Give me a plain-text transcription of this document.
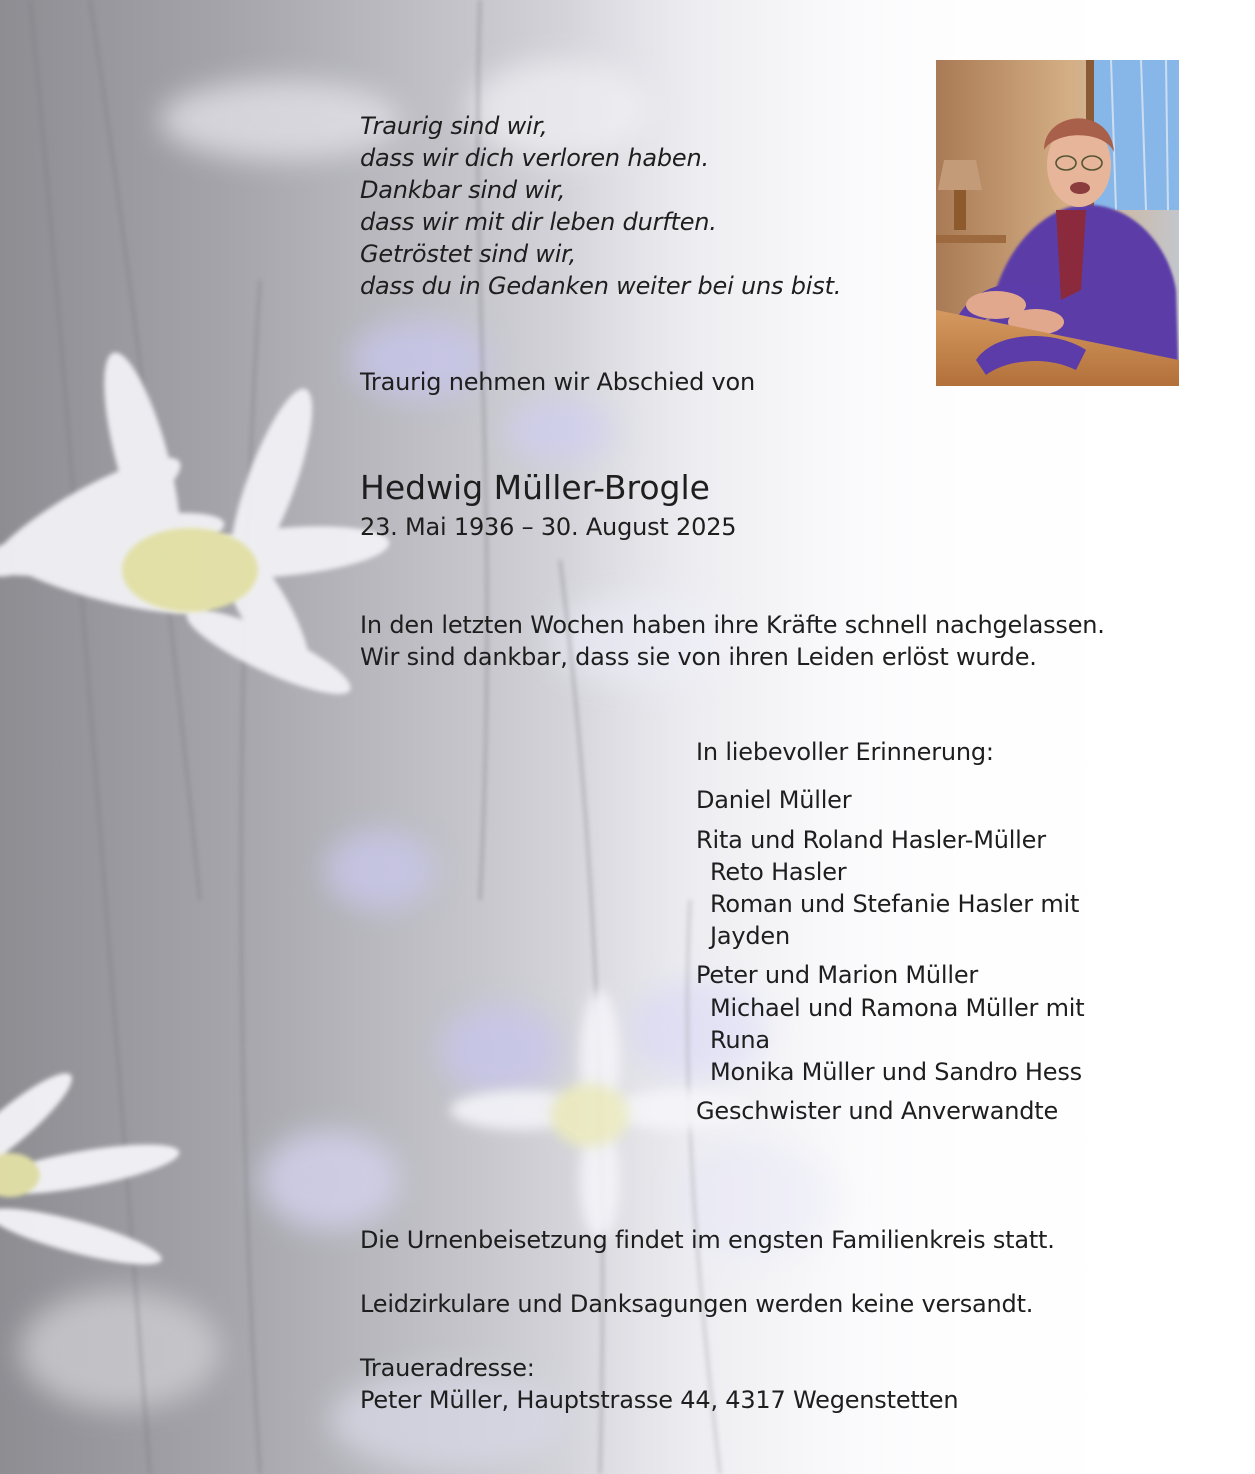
Traurig sind wir,
dass wir dich verloren haben.
Dankbar sind wir,
dass wir mit dir leben durften.
Getröstet sind wir,
dass du in Gedanken weiter bei uns bist.
Traurig nehmen wir Abschied von
Hedwig Müller-Brogle
23. Mai 1936 – 30. August 2025
In den letzten Wochen haben ihre Kräfte schnell nachgelassen.
Wir sind dankbar, dass sie von ihren Leiden erlöst wurde.
In liebevoller Erinnerung:
Daniel Müller
Rita und Roland Hasler-Müller
Reto Hasler
Roman und Stefanie Hasler mit
Jayden
Peter und Marion Müller
Michael und Ramona Müller mit
Runa
Monika Müller und Sandro Hess
Geschwister und Anverwandte
Die Urnenbeisetzung findet im engsten Familienkreis statt.
Leidzirkulare und Danksagungen werden keine versandt.
Traueradresse:
Peter Müller, Hauptstrasse 44, 4317 Wegenstetten
